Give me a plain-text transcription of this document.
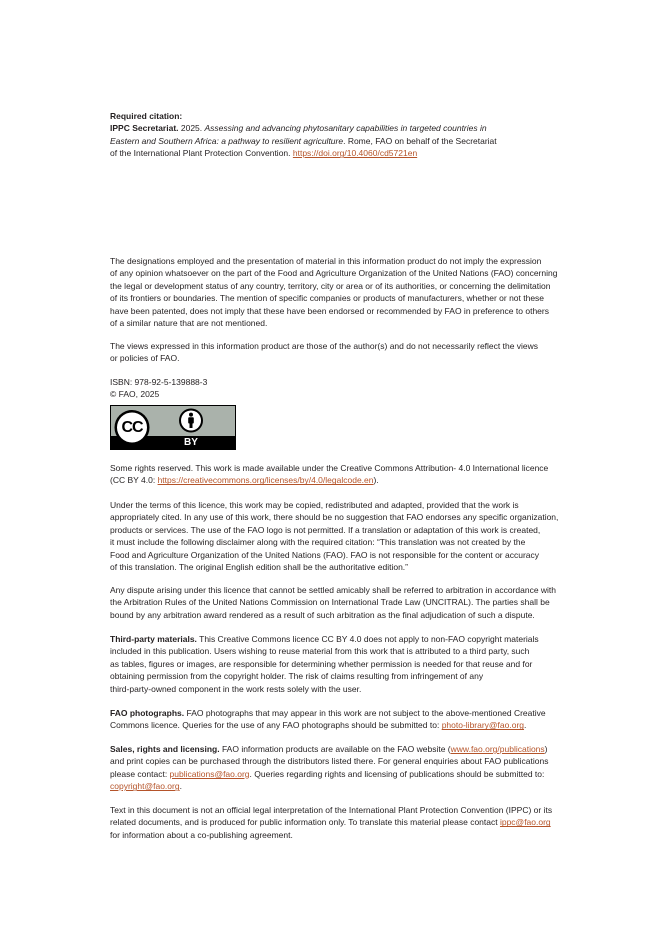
Required citation:

IPPC Secretariat. 2025. Assessing and advancing phytosanitary capabilities in targeted countries in

Eastern and Southern Africa: a pathway to resilient agriculture. Rome, FAO on behalf of the Secretariat

of the International Plant Protection Convention. https://doi.org/10.4060/cd5721en

The designations employed and the presentation of material in this information product do not imply the expression

of any opinion whatsoever on the part of the Food and Agriculture Organization of the United Nations (FAO) concerning

the legal or development status of any country, territory, city or area or of its authorities, or concerning the delimitation

of its frontiers or boundaries. The mention of specific companies or products of manufacturers, whether or not these

have been patented, does not imply that these have been endorsed or recommended by FAO in preference to others

of a similar nature that are not mentioned.

The views expressed in this information product are those of the author(s) and do not necessarily reflect the views

or policies of FAO.

ISBN: 978-92-5-139888-3

© FAO, 2025

CC
BY

Some rights reserved. This work is made available under the Creative Commons Attribution- 4.0 International licence

(CC BY 4.0: https://creativecommons.org/licenses/by/4.0/legalcode.en).

Under the terms of this licence, this work may be copied, redistributed and adapted, provided that the work is

appropriately cited. In any use of this work, there should be no suggestion that FAO endorses any specific organization,

products or services. The use of the FAO logo is not permitted. If a translation or adaptation of this work is created,

it must include the following disclaimer along with the required citation: “This translation was not created by the

Food and Agriculture Organization of the United Nations (FAO). FAO is not responsible for the content or accuracy

of this translation. The original English edition shall be the authoritative edition.”

Any dispute arising under this licence that cannot be settled amicably shall be referred to arbitration in accordance with

the Arbitration Rules of the United Nations Commission on International Trade Law (UNCITRAL). The parties shall be

bound by any arbitration award rendered as a result of such arbitration as the final adjudication of such a dispute.

Third-party materials. This Creative Commons licence CC BY 4.0 does not apply to non-FAO copyright materials

included in this publication. Users wishing to reuse material from this work that is attributed to a third party, such

as tables, figures or images, are responsible for determining whether permission is needed for that reuse and for

obtaining permission from the copyright holder. The risk of claims resulting from infringement of any

third-party-owned component in the work rests solely with the user.

FAO photographs. FAO photographs that may appear in this work are not subject to the above-mentioned Creative

Commons licence. Queries for the use of any FAO photographs should be submitted to: photo-library@fao.org.

Sales, rights and licensing. FAO information products are available on the FAO website (www.fao.org/publications)

and print copies can be purchased through the distributors listed there. For general enquiries about FAO publications

please contact: publications@fao.org. Queries regarding rights and licensing of publications should be submitted to:

copyright@fao.org.

Text in this document is not an official legal interpretation of the International Plant Protection Convention (IPPC) or its

related documents, and is produced for public information only. To translate this material please contact ippc@fao.org

for information about a co-publishing agreement.
